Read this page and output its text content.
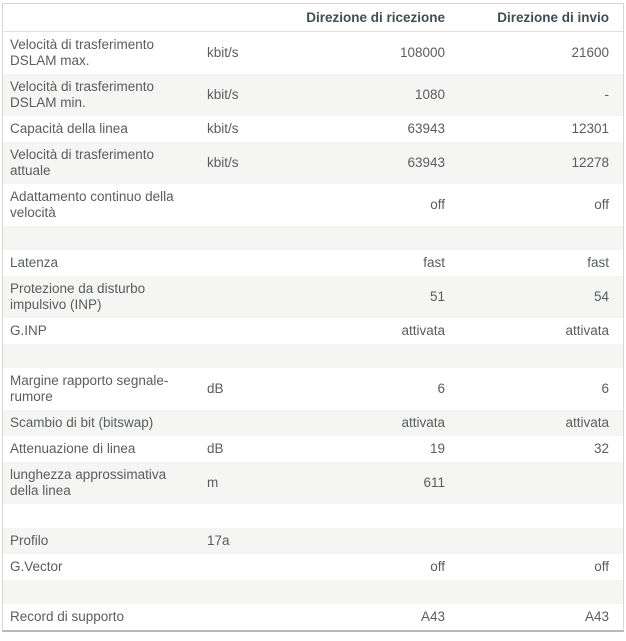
		Direzione di ricezione	Direzione di invio
Velocità di trasferimento DSLAM max.	kbit/s	108000	21600
Velocità di trasferimento DSLAM min.	kbit/s	1080	-
Capacità della linea	kbit/s	63943	12301
Velocità di trasferimento attuale	kbit/s	63943	12278
Adattamento continuo della velocità		off	off

Latenza		fast	fast
Protezione da disturbo impulsivo (INP)		51	54
G.INP		attivata	attivata

Margine rapporto segnale-rumore	dB	6	6
Scambio di bit (bitswap)		attivata	attivata
Attenuazione di linea	dB	19	32
lunghezza approssimativa della linea	m	611	

Profilo	17a		
G.Vector		off	off

Record di supporto		A43	A43
